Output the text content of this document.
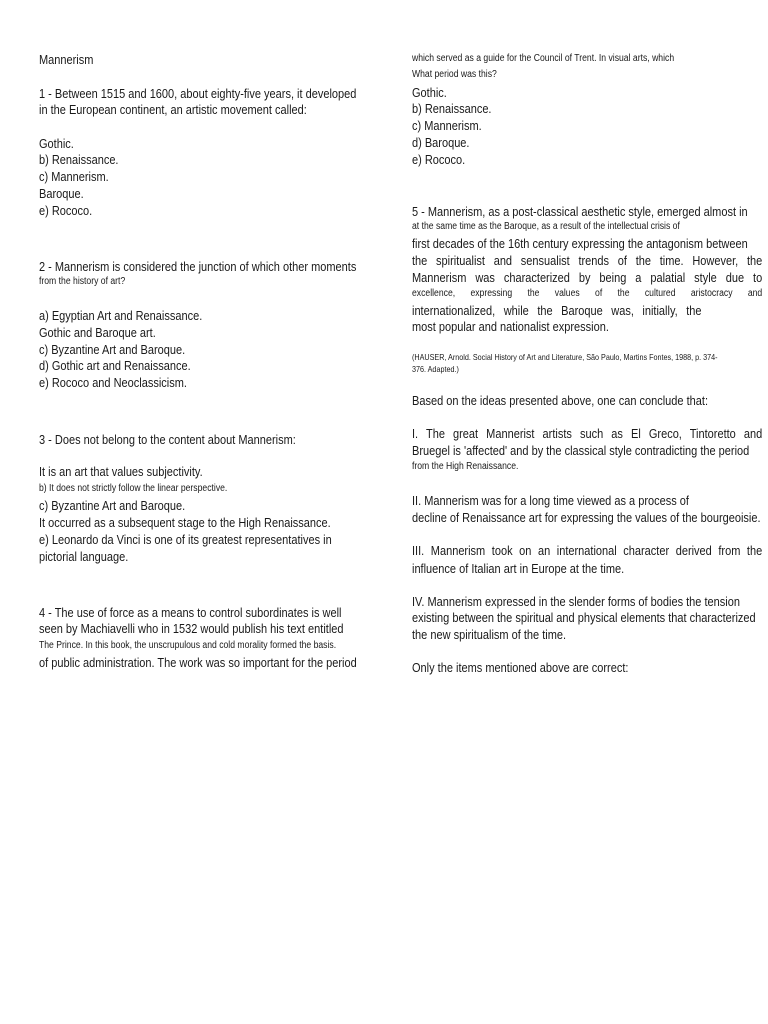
Mannerism
1 - Between 1515 and 1600, about eighty-five years, it developed
in the European continent, an artistic movement called:
Gothic.
b) Renaissance.
c) Mannerism.
Baroque.
e) Rococo.
2 - Mannerism is considered the junction of which other moments
from the history of art?
a) Egyptian Art and Renaissance.
Gothic and Baroque art.
c) Byzantine Art and Baroque.
d) Gothic art and Renaissance.
e) Rococo and Neoclassicism.
3 - Does not belong to the content about Mannerism:
It is an art that values subjectivity.
b) It does not strictly follow the linear perspective.
c) Byzantine Art and Baroque.
It occurred as a subsequent stage to the High Renaissance.
e) Leonardo da Vinci is one of its greatest representatives in
pictorial language.
4 - The use of force as a means to control subordinates is well
seen by Machiavelli who in 1532 would publish his text entitled
The Prince. In this book, the unscrupulous and cold morality formed the basis.
of public administration. The work was so important for the period
which served as a guide for the Council of Trent. In visual arts, which
What period was this?
Gothic.
b) Renaissance.
c) Mannerism.
d) Baroque.
e) Rococo.
5 - Mannerism, as a post-classical aesthetic style, emerged almost in
at the same time as the Baroque, as a result of the intellectual crisis of
first decades of the 16th century expressing the antagonism between
the spiritualist and sensualist trends of the time. However, the
Mannerism was characterized by being a palatial style due to
excellence, expressing the values of the cultured aristocracy and
internationalized, while the Baroque was, initially, the
most popular and nationalist expression.
(HAUSER, Arnold. Social History of Art and Literature, São Paulo, Martins Fontes, 1988, p. 374-
376. Adapted.)
Based on the ideas presented above, one can conclude that:
I. The great Mannerist artists such as El Greco, Tintoretto and
Bruegel is 'affected' and by the classical style contradicting the period
from the High Renaissance.
II. Mannerism was for a long time viewed as a process of
decline of Renaissance art for expressing the values of the bourgeoisie.
III. Mannerism took on an international character derived from the
influence of Italian art in Europe at the time.
IV. Mannerism expressed in the slender forms of bodies the tension
existing between the spiritual and physical elements that characterized
the new spiritualism of the time.
Only the items mentioned above are correct:
